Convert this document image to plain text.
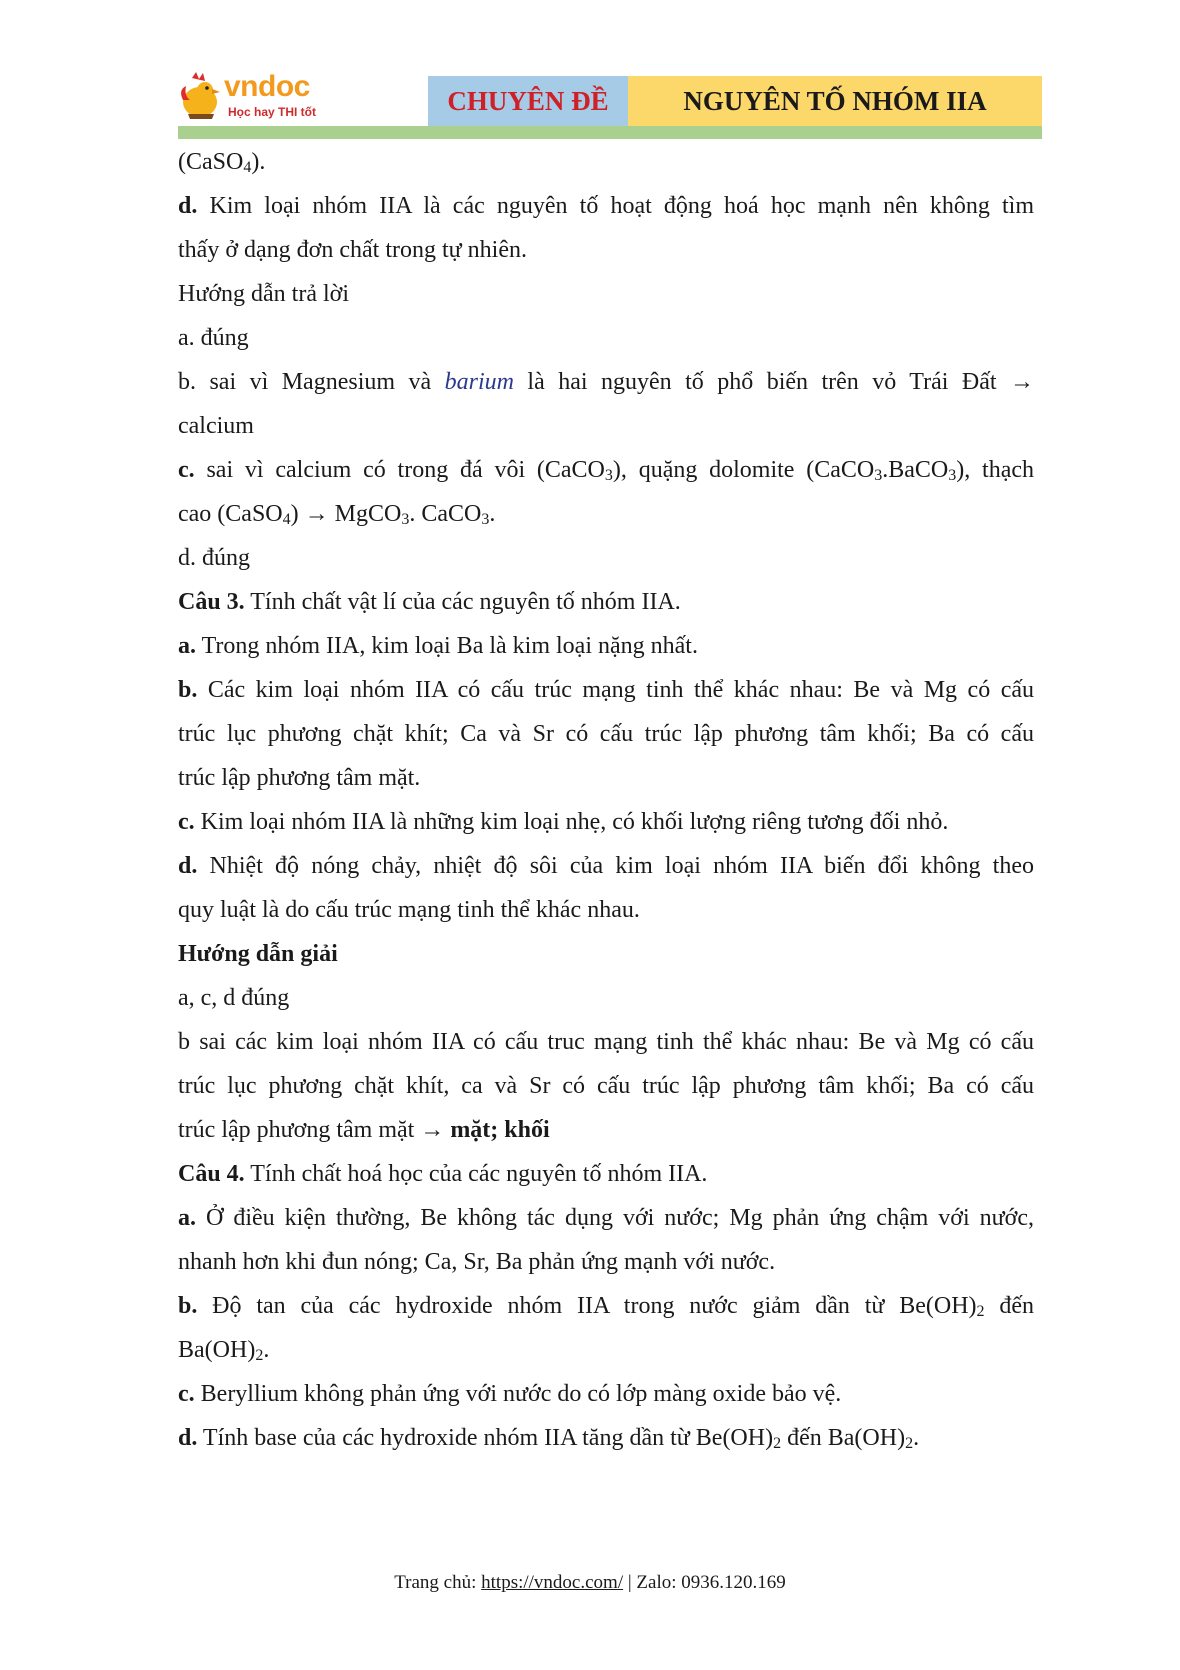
vndoc
Học hay THI tốt	CHUYÊN ĐỀ	NGUYÊN TỐ NHÓM IIA
(CaSO$_4$).
d. Kim loại nhóm IIA là các nguyên tố hoạt động hoá học mạnh nên không tìm
thấy ở dạng đơn chất trong tự nhiên.
Hướng dẫn trả lời
a. đúng
b. sai vì Magnesium và barium là hai nguyên tố phổ biến trên vỏ Trái Đất →
calcium
c. sai vì calcium có trong đá vôi (CaCO$_3$), quặng dolomite (CaCO$_3$.BaCO$_3$), thạch
cao (CaSO$_4$) → MgCO$_3$. CaCO$_3$.
d. đúng
Câu 3. Tính chất vật lí của các nguyên tố nhóm IIA.
a. Trong nhóm IIA, kim loại Ba là kim loại nặng nhất.
b. Các kim loại nhóm IIA có cấu trúc mạng tinh thể khác nhau: Be và Mg có cấu
trúc lục phương chặt khít; Ca và Sr có cấu trúc lập phương tâm khối; Ba có cấu
trúc lập phương tâm mặt.
c. Kim loại nhóm IIA là những kim loại nhẹ, có khối lượng riêng tương đối nhỏ.
d. Nhiệt độ nóng chảy, nhiệt độ sôi của kim loại nhóm IIA biến đổi không theo
quy luật là do cấu trúc mạng tinh thể khác nhau.
Hướng dẫn giải
a, c, d đúng
b sai các kim loại nhóm IIA có cấu truc mạng tinh thể khác nhau: Be và Mg có cấu
trúc lục phương chặt khít, ca và Sr có cấu trúc lập phương tâm khối; Ba có cấu
trúc lập phương tâm mặt → mặt; khối
Câu 4. Tính chất hoá học của các nguyên tố nhóm IIA.
a. Ở điều kiện thường, Be không tác dụng với nước; Mg phản ứng chậm với nước,
nhanh hơn khi đun nóng; Ca, Sr, Ba phản ứng mạnh với nước.
b. Độ tan của các hydroxide nhóm IIA trong nước giảm dần từ $Be(OH)_2$ đến
$Ba(OH)_2$.
c. Beryllium không phản ứng với nước do có lớp màng oxide bảo vệ.
d. Tính base của các hydroxide nhóm IIA tăng dần từ $Be(OH)_2$ đến $Ba(OH)_2$.
Trang chủ: https://vndoc.com/ | Zalo: 0936.120.169
